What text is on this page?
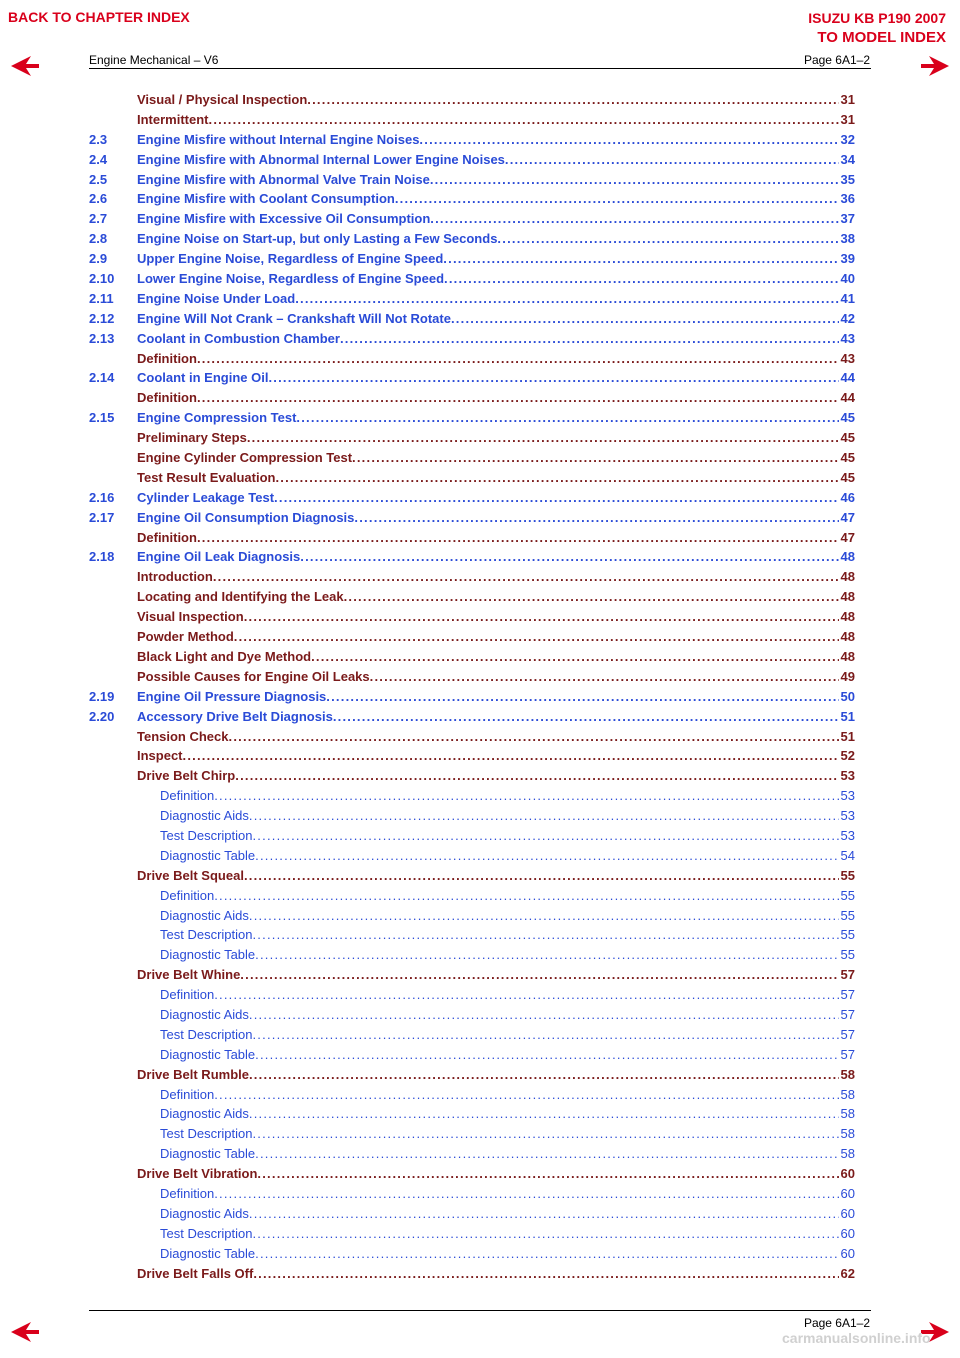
BACK TO CHAPTER INDEX	ISUZU KB P190 2007
TO MODEL INDEX
Engine Mechanical – V6	Page 6A1–2
Visual / Physical Inspection . . .	31
Intermittent . . .	31
2.3	Engine Misfire without Internal Engine Noises . . .	32
2.4	Engine Misfire with Abnormal Internal Lower Engine Noises . . .	34
2.5	Engine Misfire with Abnormal Valve Train Noise . . .	35
2.6	Engine Misfire with Coolant Consumption . . .	36
2.7	Engine Misfire with Excessive Oil Consumption . . .	37
2.8	Engine Noise on Start-up, but only Lasting a Few Seconds . . .	38
2.9	Upper Engine Noise, Regardless of Engine Speed . . .	39
2.10	Lower Engine Noise, Regardless of Engine Speed . . .	40
2.11	Engine Noise Under Load . . .	41
2.12	Engine Will Not Crank – Crankshaft Will Not Rotate . . .	42
2.13	Coolant in Combustion Chamber . . .	43
Definition . . .	43
2.14	Coolant in Engine Oil . . .	44
Definition . . .	44
2.15	Engine Compression Test . . .	45
Preliminary Steps . . .	45
Engine Cylinder Compression Test . . .	45
Test Result Evaluation . . .	45
2.16	Cylinder Leakage Test . . .	46
2.17	Engine Oil Consumption Diagnosis . . .	47
Definition . . .	47
2.18	Engine Oil Leak Diagnosis . . .	48
Introduction . . .	48
Locating and Identifying the Leak . . .	48
Visual Inspection . . .	48
Powder Method . . .	48
Black Light and Dye Method . . .	48
Possible Causes for Engine Oil Leaks . . .	49
2.19	Engine Oil Pressure Diagnosis . . .	50
2.20	Accessory Drive Belt Diagnosis . . .	51
Tension Check . . .	51
Inspect . . .	52
Drive Belt Chirp . . .	53
Definition . . .	53
Diagnostic Aids . . .	53
Test Description . . .	53
Diagnostic Table . . .	54
Drive Belt Squeal . . .	55
Definition . . .	55
Diagnostic Aids . . .	55
Test Description . . .	55
Diagnostic Table . . .	55
Drive Belt Whine . . .	57
Definition . . .	57
Diagnostic Aids . . .	57
Test Description . . .	57
Diagnostic Table . . .	57
Drive Belt Rumble . . .	58
Definition . . .	58
Diagnostic Aids . . .	58
Test Description . . .	58
Diagnostic Table . . .	58
Drive Belt Vibration . . .	60
Definition . . .	60
Diagnostic Aids . . .	60
Test Description . . .	60
Diagnostic Table . . .	60
Drive Belt Falls Off . . .	62
Page 6A1–2
carmanualsonline.info
